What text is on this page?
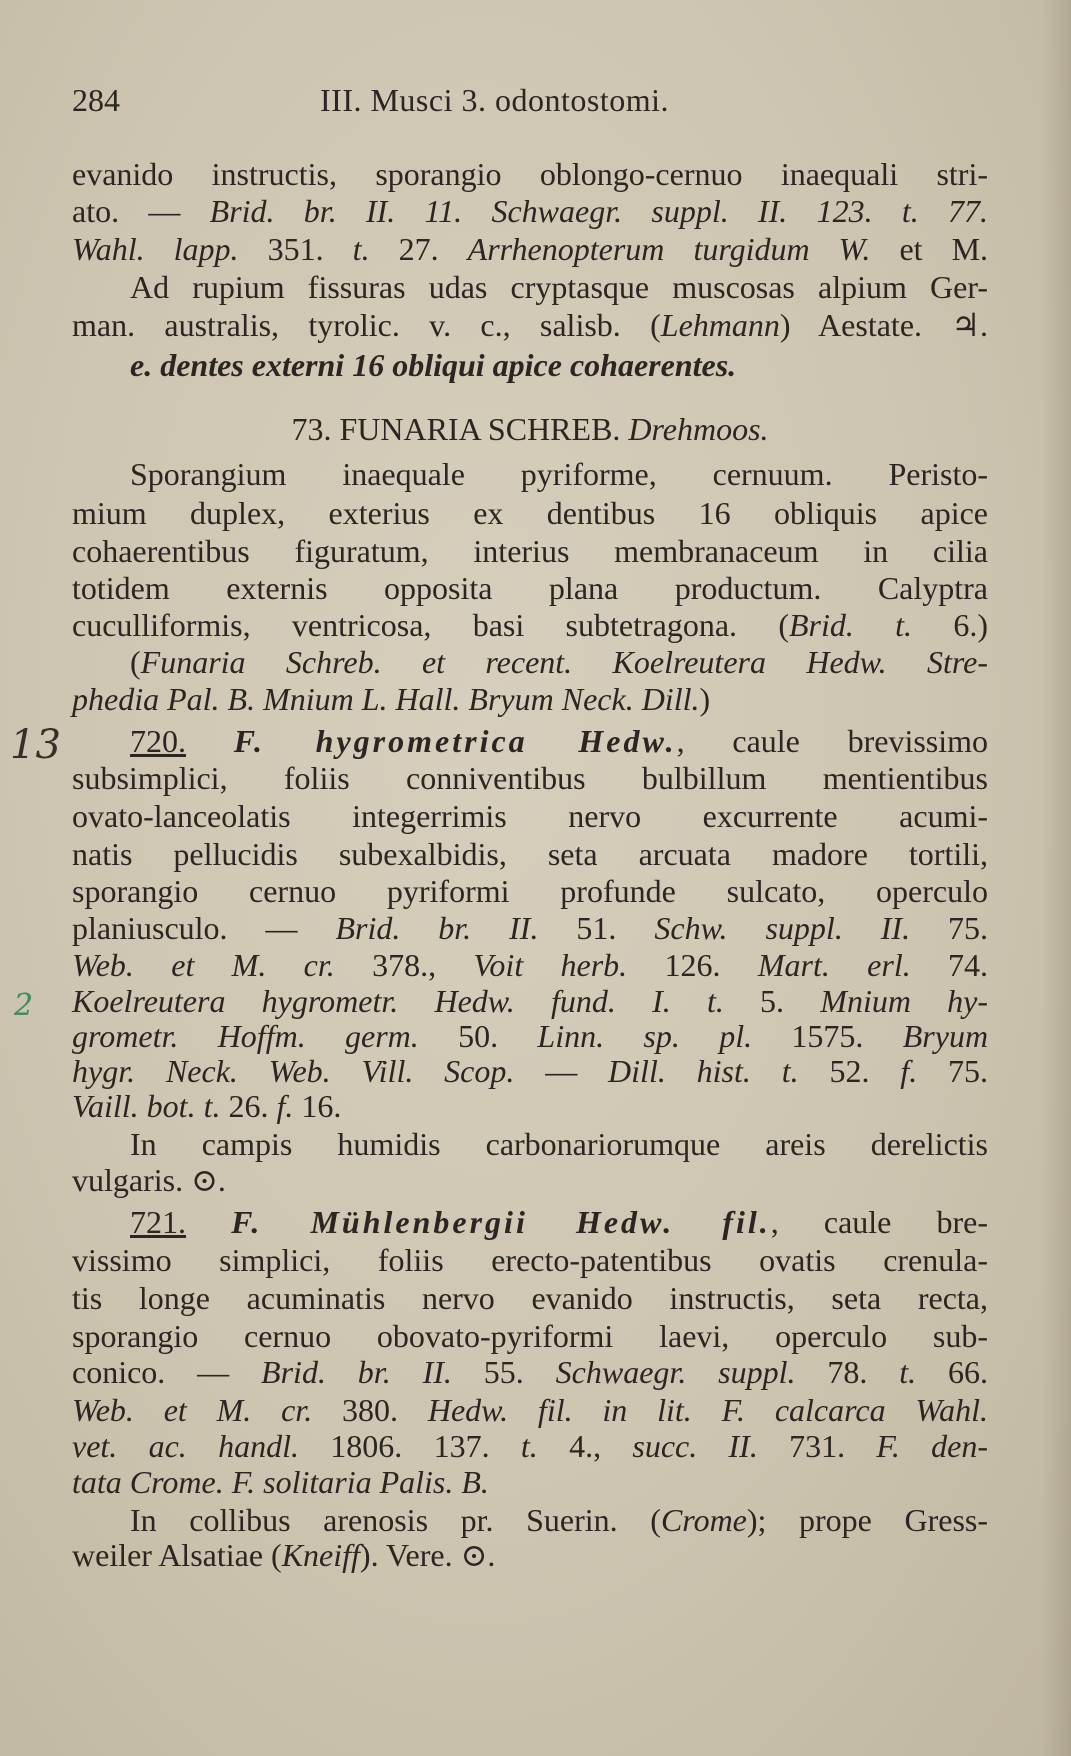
284	III. Musci 3. odontostomi.
13
2
evanido instructis, sporangio oblongo-cernuo inaequali stri-
ato. — Brid. br. II. 11. Schwaegr. suppl. II. 123. t. 77.
Wahl. lapp. 351. t. 27. Arrhenopterum turgidum W. et M.
Ad rupium fissuras udas cryptasque muscosas alpium Ger-
man. australis, tyrolic. v. c., salisb. (Lehmann) Aestate. ♃.
e. dentes externi 16 obliqui apice cohaerentes.
73. FUNARIA SCHREB. Drehmoos.
Sporangium inaequale pyriforme, cernuum. Peristo-
mium duplex, exterius ex dentibus 16 obliquis apice
cohaerentibus figuratum, interius membranaceum in cilia
totidem externis opposita plana productum. Calyptra
cuculliformis, ventricosa, basi subtetragona. (Brid. t. 6.)
(Funaria Schreb. et recent. Koelreutera Hedw. Stre-
phedia Pal. B. Mnium L. Hall. Bryum Neck. Dill.)
720. F. hygrometrica Hedw., caule brevissimo
subsimplici, foliis conniventibus bulbillum mentientibus
ovato-lanceolatis integerrimis nervo excurrente acumi-
natis pellucidis subexalbidis, seta arcuata madore tortili,
sporangio cernuo pyriformi profunde sulcato, operculo
planiusculo. — Brid. br. II. 51. Schw. suppl. II. 75.
Web. et M. cr. 378., Voit herb. 126. Mart. erl. 74.
Koelreutera hygrometr. Hedw. fund. I. t. 5. Mnium hy-
grometr. Hoffm. germ. 50. Linn. sp. pl. 1575. Bryum
hygr. Neck. Web. Vill. Scop. — Dill. hist. t. 52. f. 75.
Vaill. bot. t. 26. f. 16.
In campis humidis carbonariorumque areis derelictis
vulgaris. ⊙.
721. F. Mühlenbergii Hedw. fil., caule bre-
vissimo simplici, foliis erecto-patentibus ovatis crenula-
tis longe acuminatis nervo evanido instructis, seta recta,
sporangio cernuo obovato-pyriformi laevi, operculo sub-
conico. — Brid. br. II. 55. Schwaegr. suppl. 78. t. 66.
Web. et M. cr. 380. Hedw. fil. in lit. F. calcarca Wahl.
vet. ac. handl. 1806. 137. t. 4., succ. II. 731. F. den-
tata Crome. F. solitaria Palis. B.
In collibus arenosis pr. Suerin. (Crome); prope Gress-
weiler Alsatiae (Kneiff). Vere. ⊙.
